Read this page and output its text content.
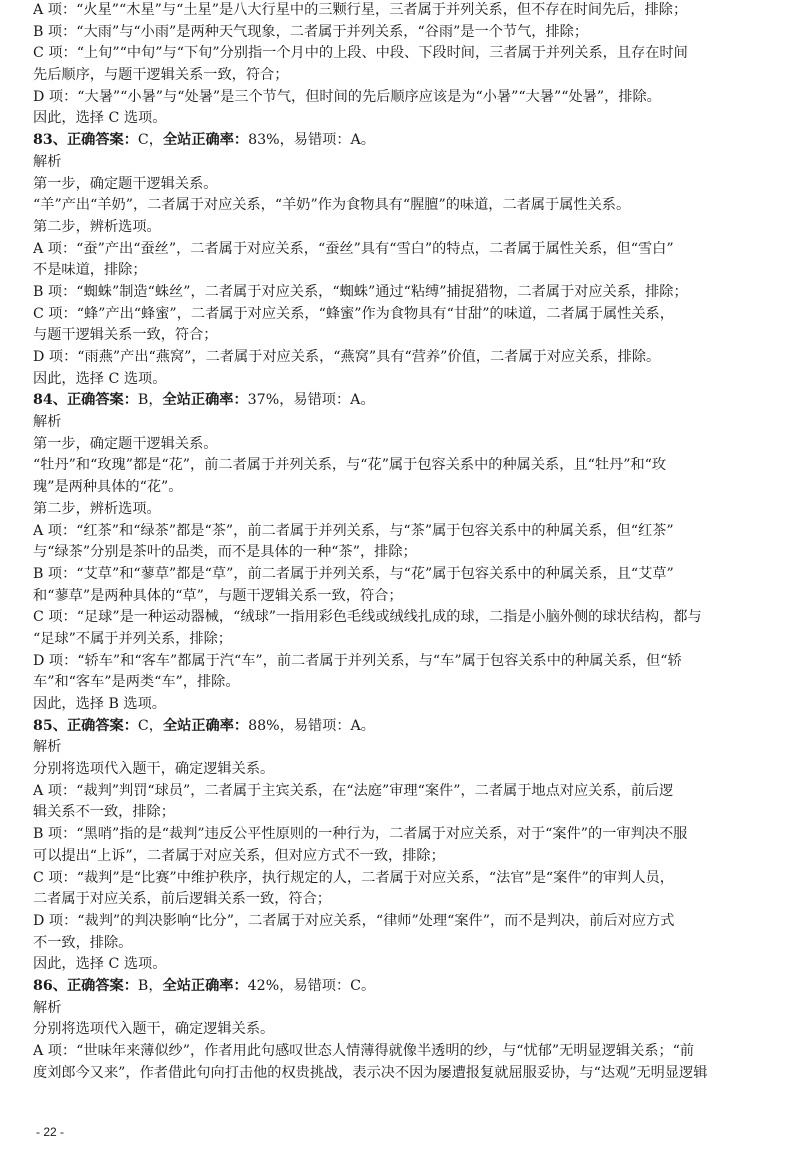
A 项：“火星”“木星”与“土星”是八大行星中的三颗行星，三者属于并列关系，但不存在时间先后，排除；
B 项：“大雨”与“小雨”是两种天气现象，二者属于并列关系，“谷雨”是一个节气，排除；
C 项：“上旬”“中旬”与“下旬”分别指一个月中的上段、中段、下段时间，三者属于并列关系，且存在时间
先后顺序，与题干逻辑关系一致，符合；
D 项：“大暑”“小暑”与“处暑”是三个节气，但时间的先后顺序应该是为“小暑”“大暑”“处暑”，排除。
因此，选择 C 选项。
83、正确答案：C，全站正确率：83%，易错项：A。
解析
第一步，确定题干逻辑关系。
“羊”产出“羊奶”，二者属于对应关系，“羊奶”作为食物具有“腥膻”的味道，二者属于属性关系。
第二步，辨析选项。
A 项：“蚕”产出“蚕丝”，二者属于对应关系，“蚕丝”具有“雪白”的特点，二者属于属性关系，但“雪白”
不是味道，排除；
B 项：“蜘蛛”制造“蛛丝”，二者属于对应关系，“蜘蛛”通过“粘缚”捕捉猎物，二者属于对应关系，排除；
C 项：“蜂”产出“蜂蜜”，二者属于对应关系，“蜂蜜”作为食物具有“甘甜”的味道，二者属于属性关系，
与题干逻辑关系一致，符合；
D 项：“雨燕”产出“燕窝”，二者属于对应关系，“燕窝”具有“营养”价值，二者属于对应关系，排除。
因此，选择 C 选项。
84、正确答案：B，全站正确率：37%，易错项：A。
解析
第一步，确定题干逻辑关系。
“牡丹”和“玫瑰”都是“花”，前二者属于并列关系，与“花”属于包容关系中的种属关系，且“牡丹”和“玫
瑰”是两种具体的“花”。
第二步，辨析选项。
A 项：“红茶”和“绿茶”都是“茶”，前二者属于并列关系，与“茶”属于包容关系中的种属关系，但“红茶”
与“绿茶”分别是茶叶的品类，而不是具体的一种“茶”，排除；
B 项：“艾草”和“蓼草”都是“草”，前二者属于并列关系，与“花”属于包容关系中的种属关系，且“艾草”
和“蓼草”是两种具体的“草”，与题干逻辑关系一致，符合；
C 项：“足球”是一种运动器械，“绒球”一指用彩色毛线或绒线扎成的球，二指是小脑外侧的球状结构，都与
“足球”不属于并列关系，排除；
D 项：“轿车”和“客车”都属于汽“车”，前二者属于并列关系，与“车”属于包容关系中的种属关系，但“轿
车”和“客车”是两类“车”，排除。
因此，选择 B 选项。
85、正确答案：C，全站正确率：88%，易错项：A。
解析
分别将选项代入题干，确定逻辑关系。
A 项：“裁判”判罚“球员”，二者属于主宾关系，在“法庭”审理“案件”，二者属于地点对应关系，前后逻
辑关系不一致，排除；
B 项：“黑哨”指的是“裁判”违反公平性原则的一种行为，二者属于对应关系，对于“案件”的一审判决不服
可以提出“上诉”，二者属于对应关系，但对应方式不一致，排除；
C 项：“裁判”是“比赛”中维护秩序，执行规定的人，二者属于对应关系，“法官”是“案件”的审判人员，
二者属于对应关系，前后逻辑关系一致，符合；
D 项：“裁判”的判决影响“比分”，二者属于对应关系，“律师”处理“案件”，而不是判决，前后对应方式
不一致，排除。
因此，选择 C 选项。
86、正确答案：B，全站正确率：42%，易错项：C。
解析
分别将选项代入题干，确定逻辑关系。
A 项：“世味年来薄似纱”，作者用此句感叹世态人情薄得就像半透明的纱，与“忧郁”无明显逻辑关系；“前
度刘郎今又来”，作者借此句向打击他的权贵挑战，表示决不因为屡遭报复就屈服妥协，与“达观”无明显逻辑
- 22 -
